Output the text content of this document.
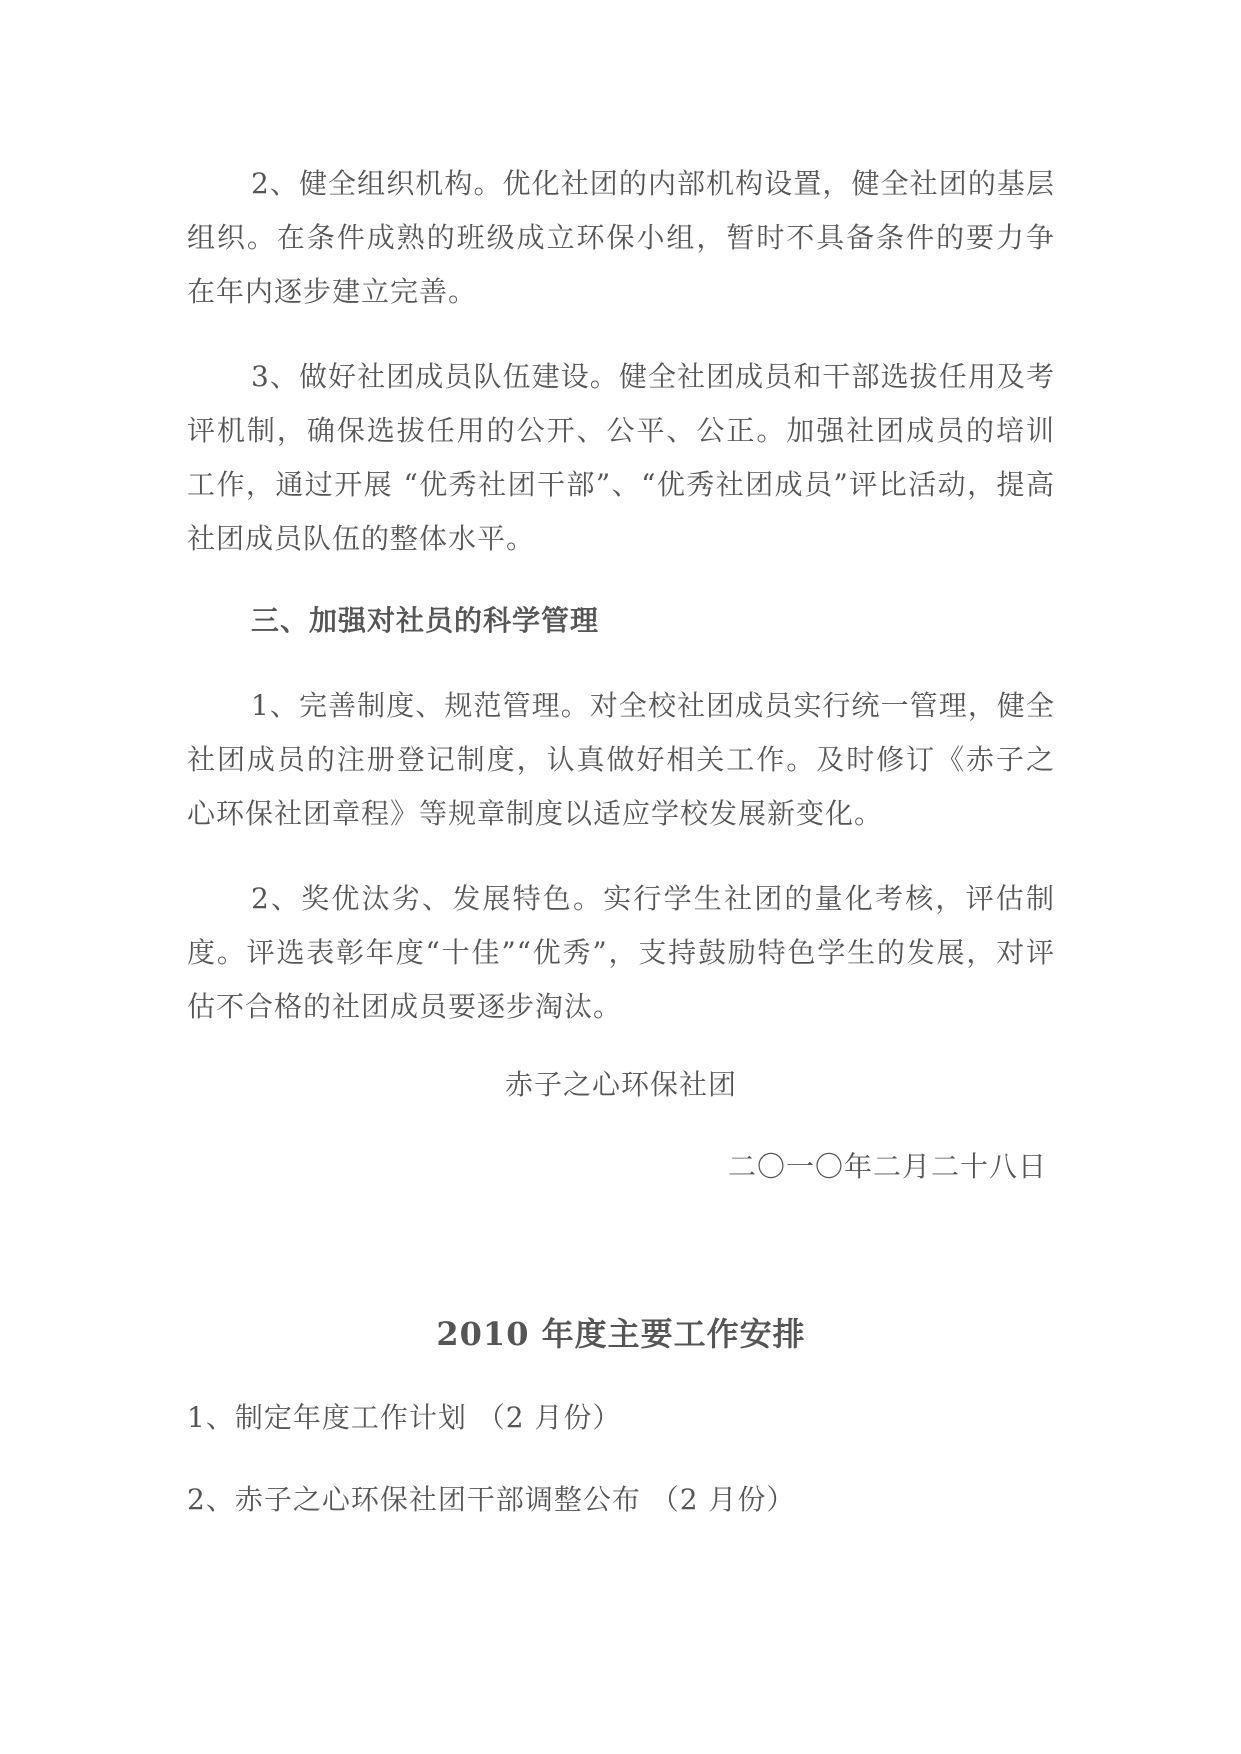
2、健全组织机构。优化社团的内部机构设置，健全社团的基层组织。在条件成熟的班级成立环保小组，暂时不具备条件的要力争在年内逐步建立完善。

3、做好社团成员队伍建设。健全社团成员和干部选拔任用及考评机制，确保选拔任用的公开、公平、公正。加强社团成员的培训工作，通过开展 “优秀社团干部”、“优秀社团成员”评比活动，提高社团成员队伍的整体水平。

三、加强对社员的科学管理

1、完善制度、规范管理。对全校社团成员实行统一管理，健全社团成员的注册登记制度，认真做好相关工作。及时修订《赤子之心环保社团章程》等规章制度以适应学校发展新变化。

2、奖优汰劣、发展特色。实行学生社团的量化考核，评估制度。评选表彰年度“十佳”“优秀”，支持鼓励特色学生的发展，对评估不合格的社团成员要逐步淘汰。

赤子之心环保社团

二〇一〇年二月二十八日

2010 年度主要工作安排
1、制定年度工作计划 （2 月份）
2、赤子之心环保社团干部调整公布 （2 月份）
